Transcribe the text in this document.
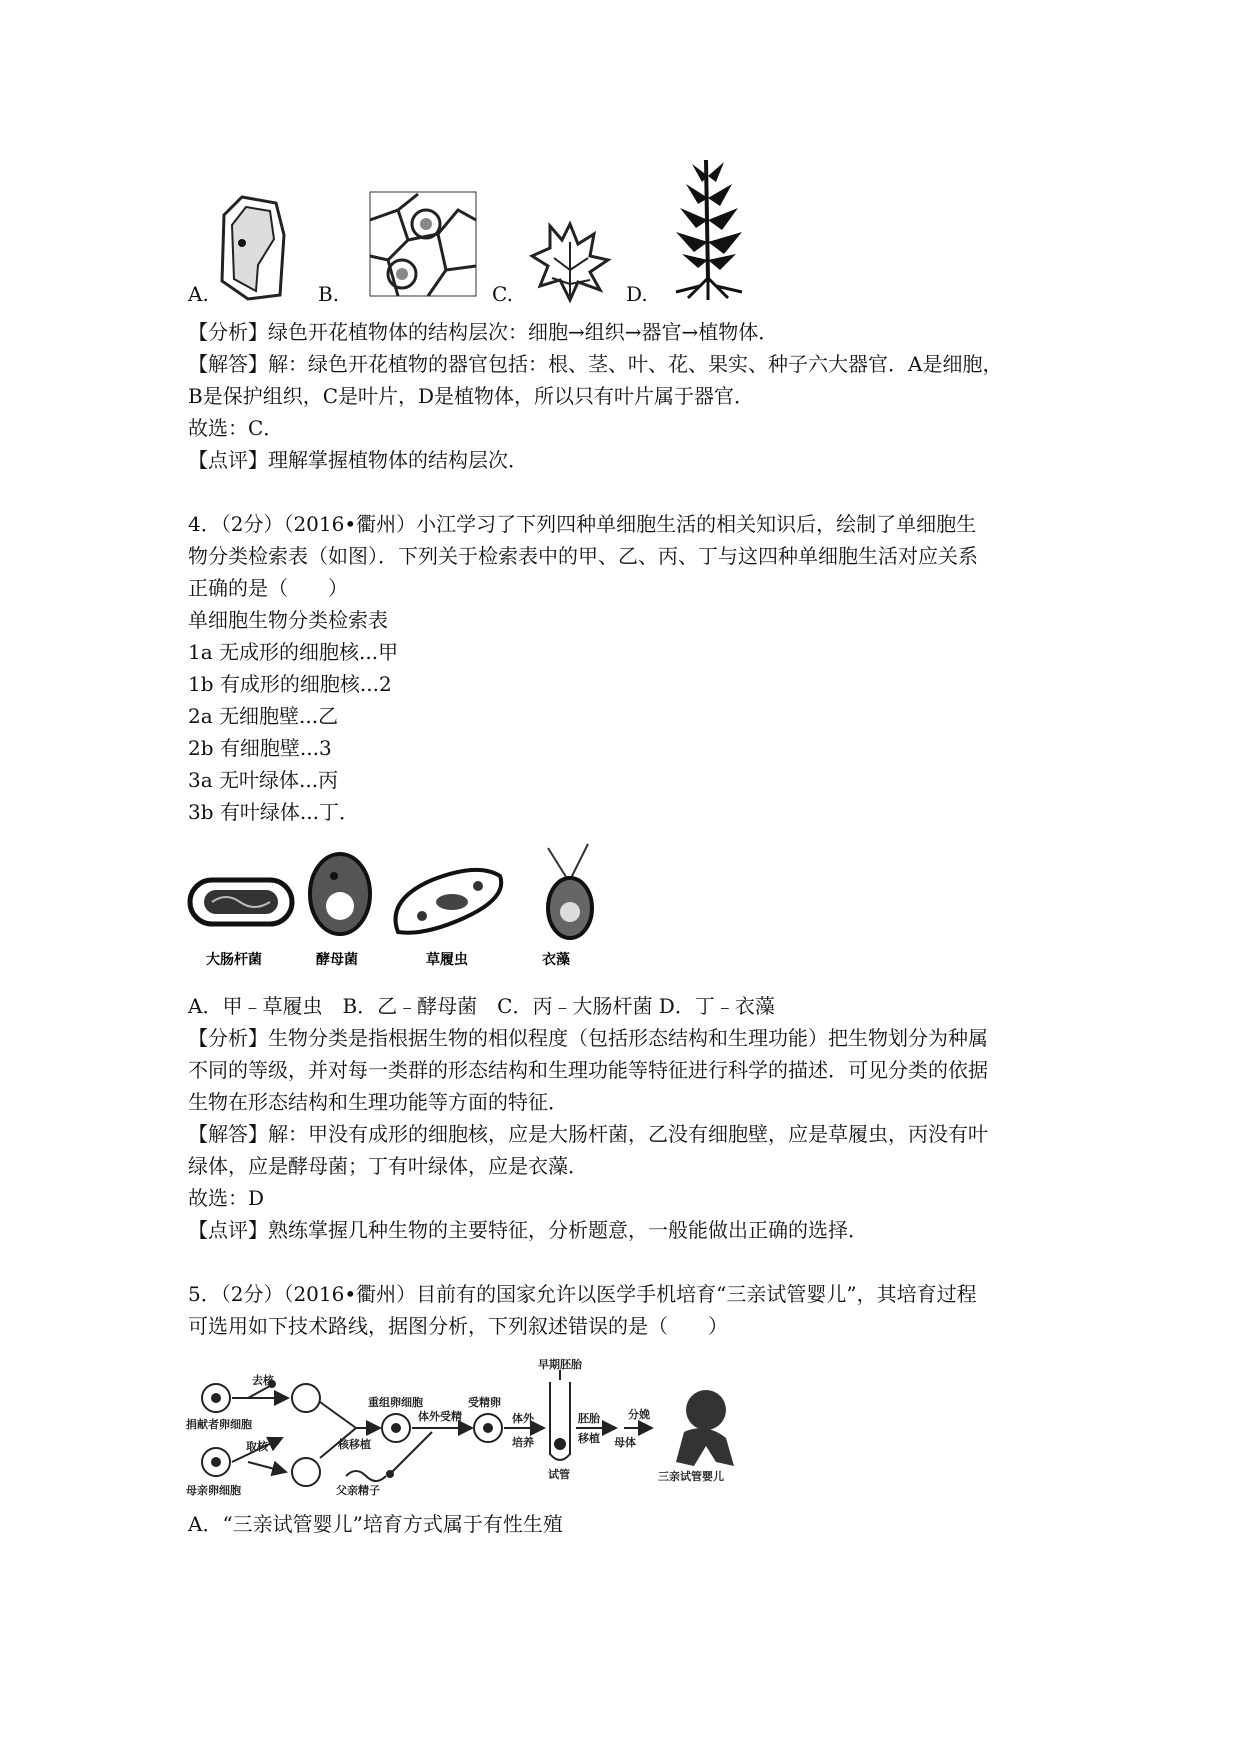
A.	B.	C.	D.
【分析】绿色开花植物体的结构层次：细胞→组织→器官→植物体．
【解答】解：绿色开花植物的器官包括：根、茎、叶、花、果实、种子六大器官．A是细胞，
B是保护组织，C是叶片，D是植物体，所以只有叶片属于器官．
故选：C．
【点评】理解掌握植物体的结构层次．
4．（2分）（2016•衢州）小江学习了下列四种单细胞生活的相关知识后，绘制了单细胞生
物分类检索表（如图）．下列关于检索表中的甲、乙、丙、丁与这四种单细胞生活对应关系
正确的是（　　）
单细胞生物分类检索表
1a 无成形的细胞核...甲
1b 有成形的细胞核...2
2a 无细胞壁...乙
2b 有细胞壁...3
3a 无叶绿体...丙
3b 有叶绿体...丁．
大肠杆菌	酵母菌	草履虫	衣藻
A．甲﹣草履虫　B．乙﹣酵母菌　C．丙﹣大肠杆菌 D．丁﹣衣藻
【分析】生物分类是指根据生物的相似程度（包括形态结构和生理功能）把生物划分为种属
不同的等级，并对每一类群的形态结构和生理功能等特征进行科学的描述．可见分类的依据
生物在形态结构和生理功能等方面的特征．
【解答】解：甲没有成形的细胞核，应是大肠杆菌，乙没有细胞壁，应是草履虫，丙没有叶
绿体，应是酵母菌；丁有叶绿体，应是衣藻．
故选：D
【点评】熟练掌握几种生物的主要特征，分析题意，一般能做出正确的选择．
5．（2分）（2016•衢州）目前有的国家允许以医学手机培育“三亲试管婴儿”，其培育过程
可选用如下技术路线，据图分析，下列叙述错误的是（　　）
去核
捐献者卵细胞
取核
母亲卵细胞
核移植
重组卵细胞
体外受精
受精卵
体外
培养
早期胚胎
胚胎
移植
试管
母体
分娩
父亲精子
三亲试管婴儿
A．“三亲试管婴儿”培育方式属于有性生殖
